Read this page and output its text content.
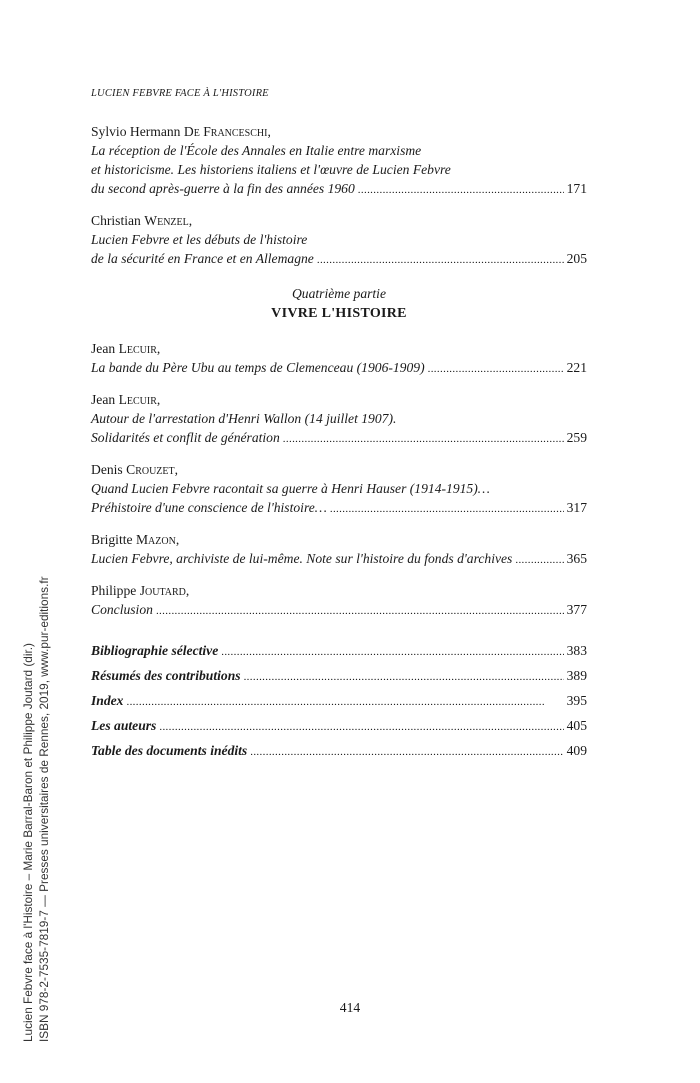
LUCIEN FEBVRE FACE À L'HISTOIRE
Sylvio Hermann De Franceschi,
La réception de l'École des Annales en Italie entre marxisme
et historicisme. Les historiens italiens et l'œuvre de Lucien Febvre
du second après-guerre à la fin des années 1960 . . .	171
Christian Wenzel,
Lucien Febvre et les débuts de l'histoire
de la sécurité en France et en Allemagne . . .	205
Quatrième partie
VIVRE L'HISTOIRE
Jean Lecuir,
La bande du Père Ubu au temps de Clemenceau (1906-1909) . . .	221
Jean Lecuir,
Autour de l'arrestation d'Henri Wallon (14 juillet 1907).
Solidarités et conflit de génération . . .	259
Denis Crouzet,
Quand Lucien Febvre racontait sa guerre à Henri Hauser (1914-1915)…
Préhistoire d'une conscience de l'histoire… . . .	317
Brigitte Mazon,
Lucien Febvre, archiviste de lui-même. Note sur l'histoire du fonds d'archives . . .	365
Philippe Joutard,
Conclusion . . .	377
Bibliographie sélective . . .	383
Résumés des contributions . . .	389
Index . . .	395
Les auteurs . . .	405
Table des documents inédits . . .	409
414
Lucien Febvre face à l'Histoire – Marie Barral-Baron et Philippe Joutard (dir.) ISBN 978-2-7535-7819-7 — Presses universitaires de Rennes, 2019, www.pur-editions.fr
